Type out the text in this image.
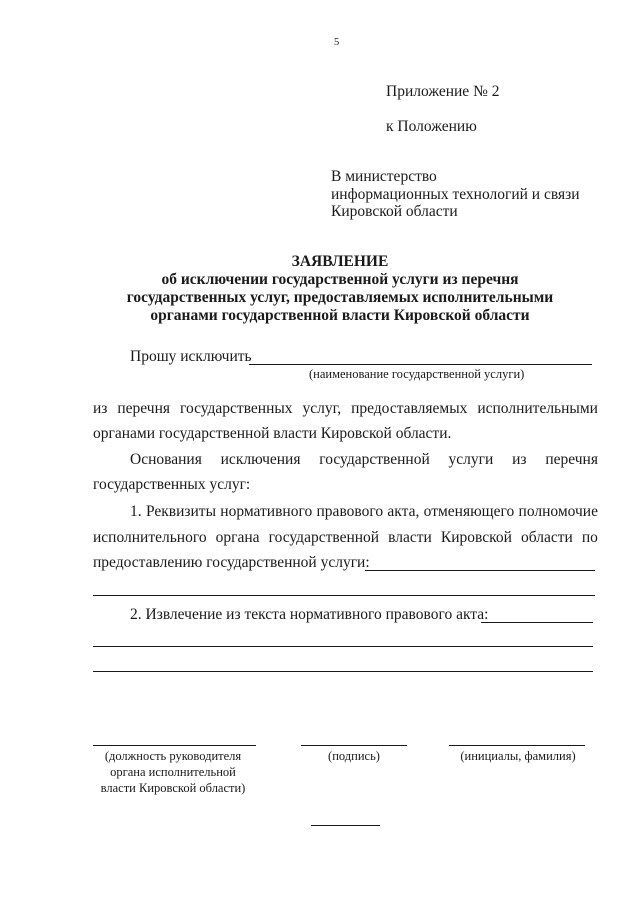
5
Приложение № 2
к Положению
В министерство
информационных технологий и связи
Кировской области
ЗАЯВЛЕНИЕ
об исключении государственной услуги из перечня
государственных услуг, предоставляемых исполнительными
органами государственной власти Кировской области
Прошу исключить
(наименование государственной услуги)
из перечня государственных услуг, предоставляемых исполнительными
органами государственной власти Кировской области.
Основания исключения государственной услуги из перечня
государственных услуг:
1. Реквизиты нормативного правового акта, отменяющего полномочие
исполнительного органа государственной власти Кировской области по
предоставлению государственной услуги:
2. Извлечение из текста нормативного правового акта:
(должность руководителя
органа исполнительной
власти Кировской области)
(подпись)	(инициалы, фамилия)
